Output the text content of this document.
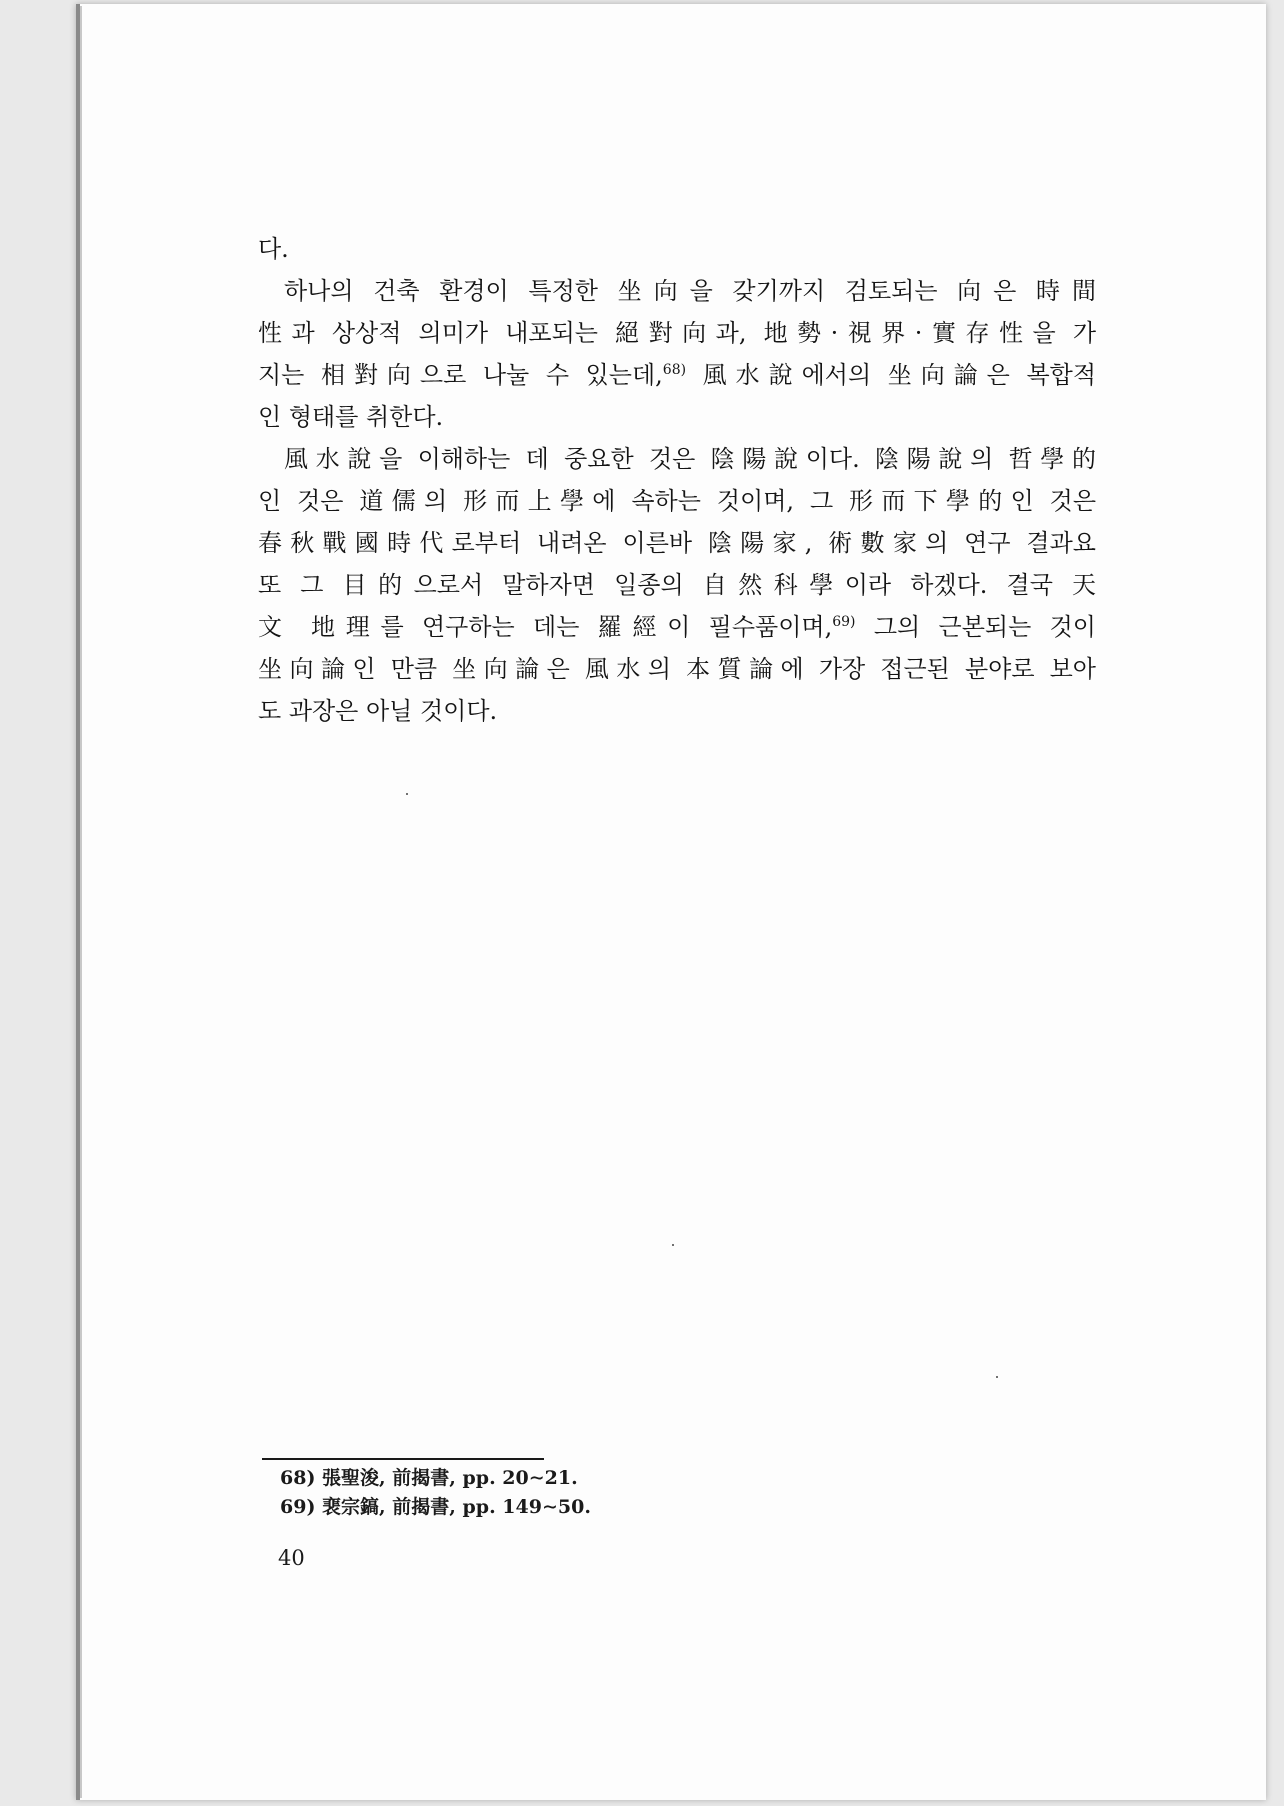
다.
하나의 건축 환경이 특정한 坐向을 갖기까지 검토되는 向은 時間
性과 상상적 의미가 내포되는 絕對向과, 地勢·視界·實存性을 가
지는 相對向으로 나눌 수 있는데,$^{68)}$ 風水說에서의 坐向論은 복합적
인 형태를 취한다.
風水說을 이해하는 데 중요한 것은 陰陽說이다. 陰陽說의 哲學的
인 것은 道儒의 形而上學에 속하는 것이며, 그 形而下學的인 것은
春秋戰國時代로부터 내려온 이른바 陰陽家, 術數家의 연구 결과요
또 그 目的으로서 말하자면 일종의 自然科學이라 하겠다. 결국 天
文 地理를 연구하는 데는 羅經이 필수품이며,$^{69)}$ 그의 근본되는 것이
坐向論인 만큼 坐向論은 風水의 本質論에 가장 접근된 분야로 보아
도 과장은 아닐 것이다.
68) 張聖浚, 前揭書, pp. 20∼21.
69) 裵宗鎬, 前揭書, pp. 149∼50.
40
